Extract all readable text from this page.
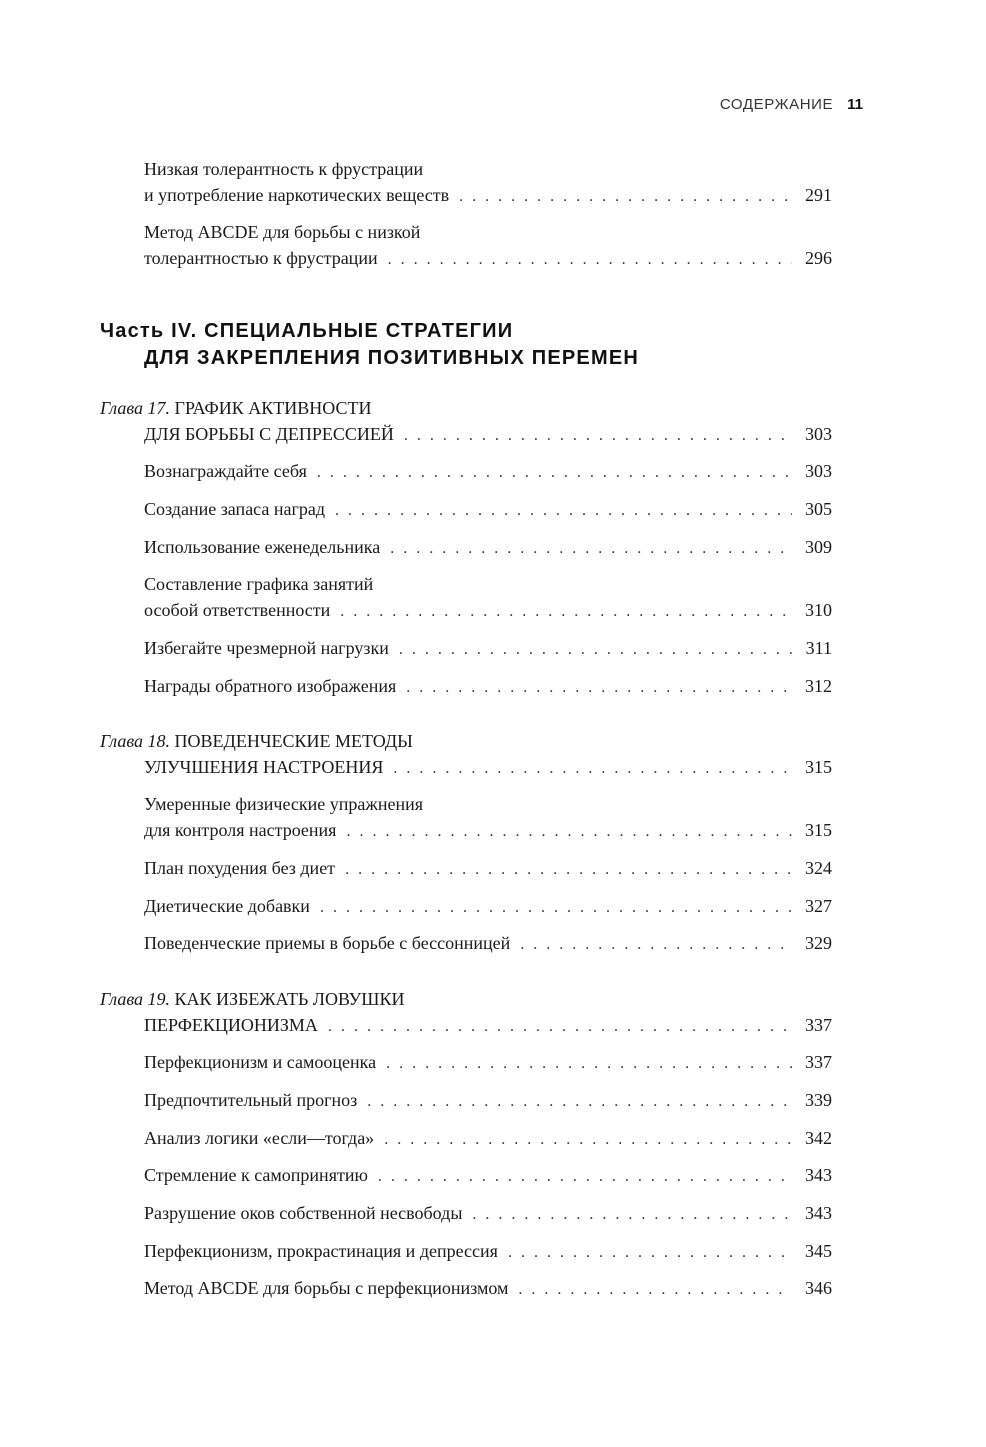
СОДЕРЖАНИЕ 11
Низкая толерантность к фрустрации
и употребление наркотических веществ . . .	291
Метод ABCDE для борьбы с низкой
толерантностью к фрустрации . . .	296
Часть IV. СПЕЦИАЛЬНЫЕ СТРАТЕГИИ
ДЛЯ ЗАКРЕПЛЕНИЯ ПОЗИТИВНЫХ ПЕРЕМЕН
Глава 17. ГРАФИК АКТИВНОСТИ
ДЛЯ БОРЬБЫ С ДЕПРЕССИЕЙ . . .	303
Вознаграждайте себя . . .	303
Создание запаса наград . . .	305
Использование еженедельника . . .	309
Составление графика занятий
особой ответственности . . .	310
Избегайте чрезмерной нагрузки . . .	311
Награды обратного изображения . . .	312
Глава 18. ПОВЕДЕНЧЕСКИЕ МЕТОДЫ
УЛУЧШЕНИЯ НАСТРОЕНИЯ . . .	315
Умеренные физические упражнения
для контроля настроения . . .	315
План похудения без диет . . .	324
Диетические добавки . . .	327
Поведенческие приемы в борьбе с бессонницей . . .	329
Глава 19. КАК ИЗБЕЖАТЬ ЛОВУШКИ
ПЕРФЕКЦИОНИЗМА . . .	337
Перфекционизм и самооценка . . .	337
Предпочтительный прогноз . . .	339
Анализ логики «если—тогда» . . .	342
Стремление к самопринятию . . .	343
Разрушение оков собственной несвободы . . .	343
Перфекционизм, прокрастинация и депрессия . . .	345
Метод ABCDE для борьбы с перфекционизмом . . .	346
